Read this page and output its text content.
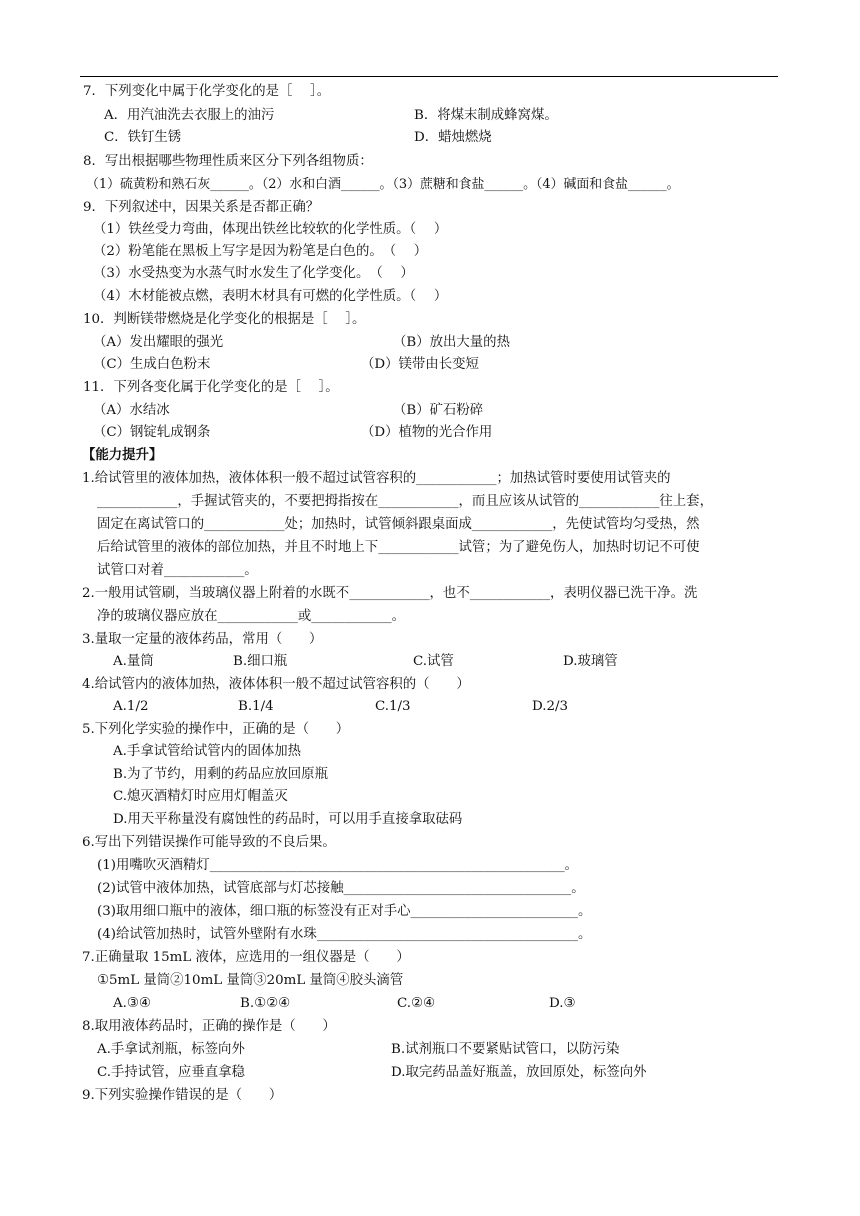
7．下列变化中属于化学变化的是［　 ］。
A．用汽油洗去衣服上的油污	B．将煤末制成蜂窝煤。
C．铁钉生锈	D．蜡烛燃烧
8．写出根据哪些物理性质来区分下列各组物质：
（1）硫黄粉和熟石灰______。（2）水和白酒______。（3）蔗糖和食盐______。（4）碱面和食盐______。
9．下列叙述中，因果关系是否都正确？
（1）铁丝受力弯曲，体现出铁丝比较软的化学性质。（　 ）
（2）粉笔能在黑板上写字是因为粉笔是白色的。　（　 ）
（3）水受热变为水蒸气时水发生了化学变化。　（　 ）
（4）木材能被点燃，表明木材具有可燃的化学性质。（　 ）
10．判断镁带燃烧是化学变化的根据是［　 ］。
（A）发出耀眼的强光	（B）放出大量的热
（C）生成白色粉末	（D）镁带由长变短
11．下列各变化属于化学变化的是［　 ］。
（A）水结冰	（B）矿石粉碎
（C）钢锭轧成钢条	（D）植物的光合作用
【能力提升】
1.给试管里的液体加热，液体体积一般不超过试管容积的____________；加热试管时要使用试管夹的
____________，手握试管夹的，不要把拇指按在____________，而且应该从试管的____________往上套，
固定在离试管口的____________处；加热时，试管倾斜跟桌面成____________，先使试管均匀受热，然
后给试管里的液体的部位加热，并且不时地上下____________试管；为了避免伤人，加热时切记不可使
试管口对着____________。
2.一般用试管刷，当玻璃仪器上附着的水既不____________，也不____________，表明仪器已洗干净。洗
净的玻璃仪器应放在____________或____________。
3.量取一定量的液体药品，常用（　　）
A.量筒	B.细口瓶	C.试管	D.玻璃管
4.给试管内的液体加热，液体体积一般不超过试管容积的（　　）
A.1/2	B.1/4	C.1/3	D.2/3
5.下列化学实验的操作中，正确的是（　　）
A.手拿试管给试管内的固体加热
B.为了节约，用剩的药品应放回原瓶
C.熄灭酒精灯时应用灯帽盖灭
D.用天平称量没有腐蚀性的药品时，可以用手直接拿取砝码
6.写出下列错误操作可能导致的不良后果。
(1)用嘴吹灭酒精灯_____________________________________________________。
(2)试管中液体加热，试管底部与灯芯接触__________________________________。
(3)取用细口瓶中的液体，细口瓶的标签没有正对手心_________________________。
(4)给试管加热时，试管外壁附有水珠_______________________________________。
7.正确量取 15mL 液体，应选用的一组仪器是（　　）
①5mL 量筒②10mL 量筒③20mL 量筒④胶头滴管
A.③④	B.①②④	C.②④	D.③
8.取用液体药品时，正确的操作是（　　）
A.手拿试剂瓶，标签向外	B.试剂瓶口不要紧贴试管口，以防污染
C.手持试管，应垂直拿稳	D.取完药品盖好瓶盖，放回原处，标签向外
9.下列实验操作错误的是（　　）
